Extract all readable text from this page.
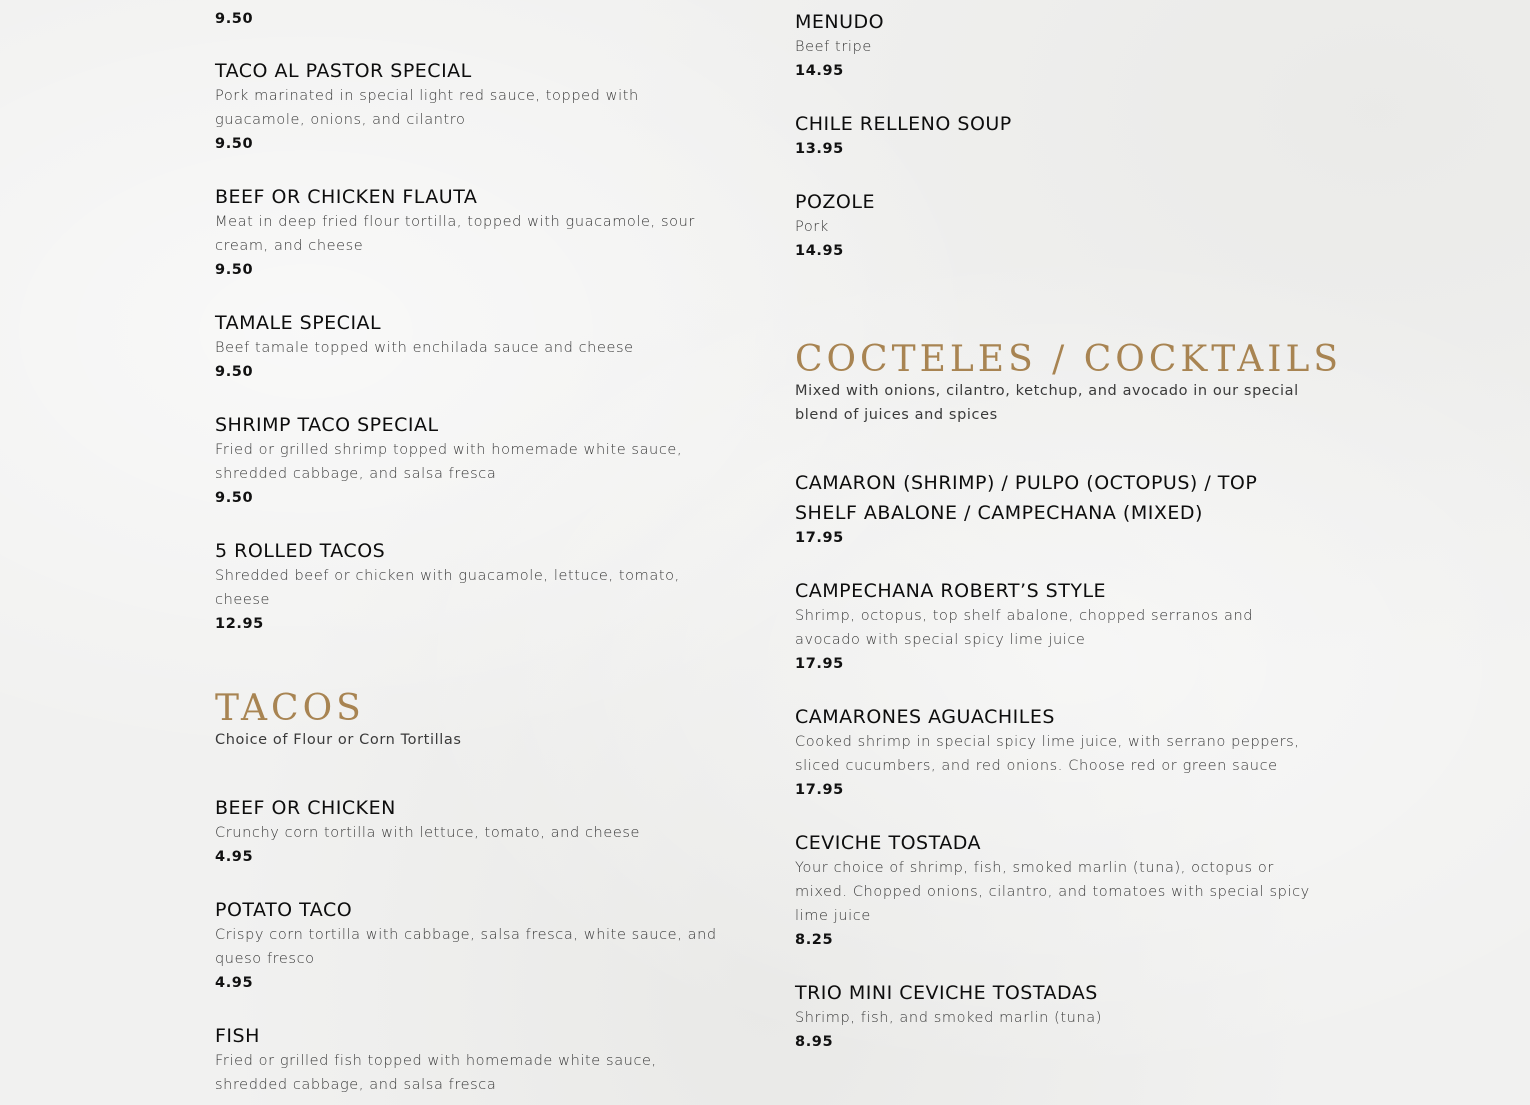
9.50
TACO AL PASTOR SPECIAL
Pork marinated in special light red sauce, topped with guacamole, onions, and cilantro
9.50
BEEF OR CHICKEN FLAUTA
Meat in deep fried flour tortilla, topped with guacamole, sour cream, and cheese
9.50
TAMALE SPECIAL
Beef tamale topped with enchilada sauce and cheese
9.50
SHRIMP TACO SPECIAL
Fried or grilled shrimp topped with homemade white sauce, shredded cabbage, and salsa fresca
9.50
5 ROLLED TACOS
Shredded beef or chicken with guacamole, lettuce, tomato, cheese
12.95
TACOS

Choice of Flour or Corn Tortillas

BEEF OR CHICKEN
Crunchy corn tortilla with lettuce, tomato, and cheese
4.95
POTATO TACO
Crispy corn tortilla with cabbage, salsa fresca, white sauce, and queso fresco
4.95
FISH
Fried or grilled fish topped with homemade white sauce, shredded cabbage, and salsa fresca
MENUDO
Beef tripe
14.95
CHILE RELLENO SOUP
13.95
POZOLE
Pork
14.95
COCTELES / COCKTAILS

Mixed with onions, cilantro, ketchup, and avocado in our special blend of juices and spices

CAMARON (SHRIMP) / PULPO (OCTOPUS) / TOP SHELF ABALONE / CAMPECHANA (MIXED)
17.95
CAMPECHANA ROBERT’S STYLE
Shrimp, octopus, top shelf abalone, chopped serranos and avocado with special spicy lime juice
17.95
CAMARONES AGUACHILES
Cooked shrimp in special spicy lime juice, with serrano peppers, sliced cucumbers, and red onions. Choose red or green sauce
17.95
CEVICHE TOSTADA
Your choice of shrimp, fish, smoked marlin (tuna), octopus or mixed. Chopped onions, cilantro, and tomatoes with special spicy lime juice
8.25
TRIO MINI CEVICHE TOSTADAS
Shrimp, fish, and smoked marlin (tuna)
8.95
